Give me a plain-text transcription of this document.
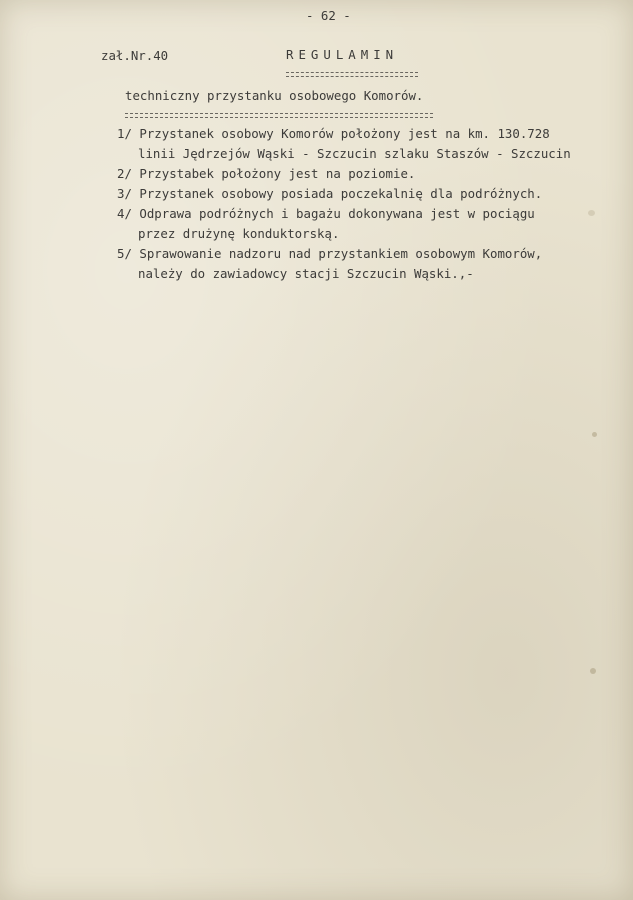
- 62 -
zał.Nr.40	REGULAMIN
techniczny przystanku osobowego Komorów.
1/ Przystanek osobowy Komorów położony jest na km. 130.728
linii Jędrzejów Wąski - Szczucin szlaku Staszów - Szczucin
2/ Przystabek położony jest na poziomie.
3/ Przystanek osobowy posiada poczekalnię dla podróżnych.
4/ Odprawa podróżnych i bagażu dokonywana jest w pociągu
przez drużynę konduktorską.
5/ Sprawowanie nadzoru nad przystankiem osobowym Komorów,
należy do zawiadowcy stacji Szczucin Wąski.,-
